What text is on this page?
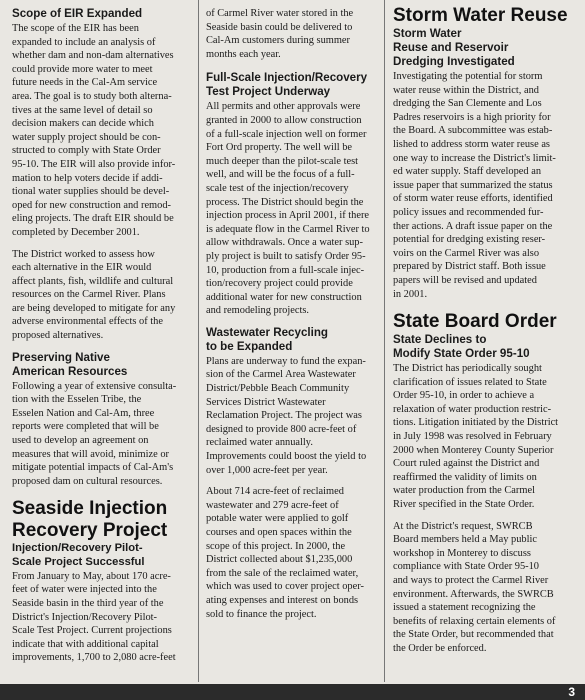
Scope of EIR Expanded

The scope of the EIR has been
expanded to include an analysis of
whether dam and non-dam alternatives
could provide more water to meet
future needs in the Cal-Am service
area. The goal is to study both alterna-
tives at the same level of detail so
decision makers can decide which
water supply project should be con-
structed to comply with State Order
95-10. The EIR will also provide infor-
mation to help voters decide if addi-
tional water supplies should be devel-
oped for new construction and remod-
eling projects. The draft EIR should be
completed by December 2001.

The District worked to assess how
each alternative in the EIR would
affect plants, fish, wildlife and cultural
resources on the Carmel River. Plans
are being developed to mitigate for any
adverse environmental effects of the
proposed alternatives.

Preserving Native
American Resources

Following a year of extensive consulta-
tion with the Esselen Tribe, the
Esselen Nation and Cal-Am, three
reports were completed that will be
used to develop an agreement on
measures that will avoid, minimize or
mitigate potential impacts of Cal-Am's
proposed dam on cultural resources.

Seaside Injection
Recovery Project
Injection/Recovery Pilot-
Scale Project Successful

From January to May, about 170 acre-
feet of water were injected into the
Seaside basin in the third year of the
District's Injection/Recovery Pilot-
Scale Test Project. Current projections
indicate that with additional capital
improvements, 1,700 to 2,080 acre-feet

of Carmel River water stored in the
Seaside basin could be delivered to
Cal-Am customers during summer
months each year.

Full-Scale Injection/Recovery
Test Project Underway

All permits and other approvals were
granted in 2000 to allow construction
of a full-scale injection well on former
Fort Ord property. The well will be
much deeper than the pilot-scale test
well, and will be the focus of a full-
scale test of the injection/recovery
process. The District should begin the
injection process in April 2001, if there
is adequate flow in the Carmel River to
allow withdrawals. Once a water sup-
ply project is built to satisfy Order 95-
10, production from a full-scale injec-
tion/recovery project could provide
additional water for new construction
and remodeling projects.

Wastewater Recycling
to be Expanded

Plans are underway to fund the expan-
sion of the Carmel Area Wastewater
District/Pebble Beach Community
Services District Wastewater
Reclamation Project. The project was
designed to provide 800 acre-feet of
reclaimed water annually.
Improvements could boost the yield to
over 1,000 acre-feet per year.

About 714 acre-feet of reclaimed
wastewater and 279 acre-feet of
potable water were applied to golf
courses and open spaces within the
scope of this project. In 2000, the
District collected about $1,235,000
from the sale of the reclaimed water,
which was used to cover project oper-
ating expenses and interest on bonds
sold to finance the project.

Storm Water Reuse
Storm Water
Reuse and Reservoir
Dredging Investigated

Investigating the potential for storm
water reuse within the District, and
dredging the San Clemente and Los
Padres reservoirs is a high priority for
the Board. A subcommittee was estab-
lished to address storm water reuse as
one way to increase the District's limit-
ed water supply. Staff developed an
issue paper that summarized the status
of storm water reuse efforts, identified
policy issues and recommended fur-
ther actions. A draft issue paper on the
potential for dredging existing reser-
voirs on the Carmel River was also
prepared by District staff. Both issue
papers will be revised and updated
in 2001.

State Board Order
State Declines to
Modify State Order 95-10

The District has periodically sought
clarification of issues related to State
Order 95-10, in order to achieve a
relaxation of water production restric-
tions. Litigation initiated by the District
in July 1998 was resolved in February
2000 when Monterey County Superior
Court ruled against the District and
reaffirmed the validity of limits on
water production from the Carmel
River specified in the State Order.

At the District's request, SWRCB
Board members held a May public
workshop in Monterey to discuss
compliance with State Order 95-10
and ways to protect the Carmel River
environment. Afterwards, the SWRCB
issued a statement recognizing the
benefits of relaxing certain elements of
the State Order, but recommended that
the Order be enforced.

3
